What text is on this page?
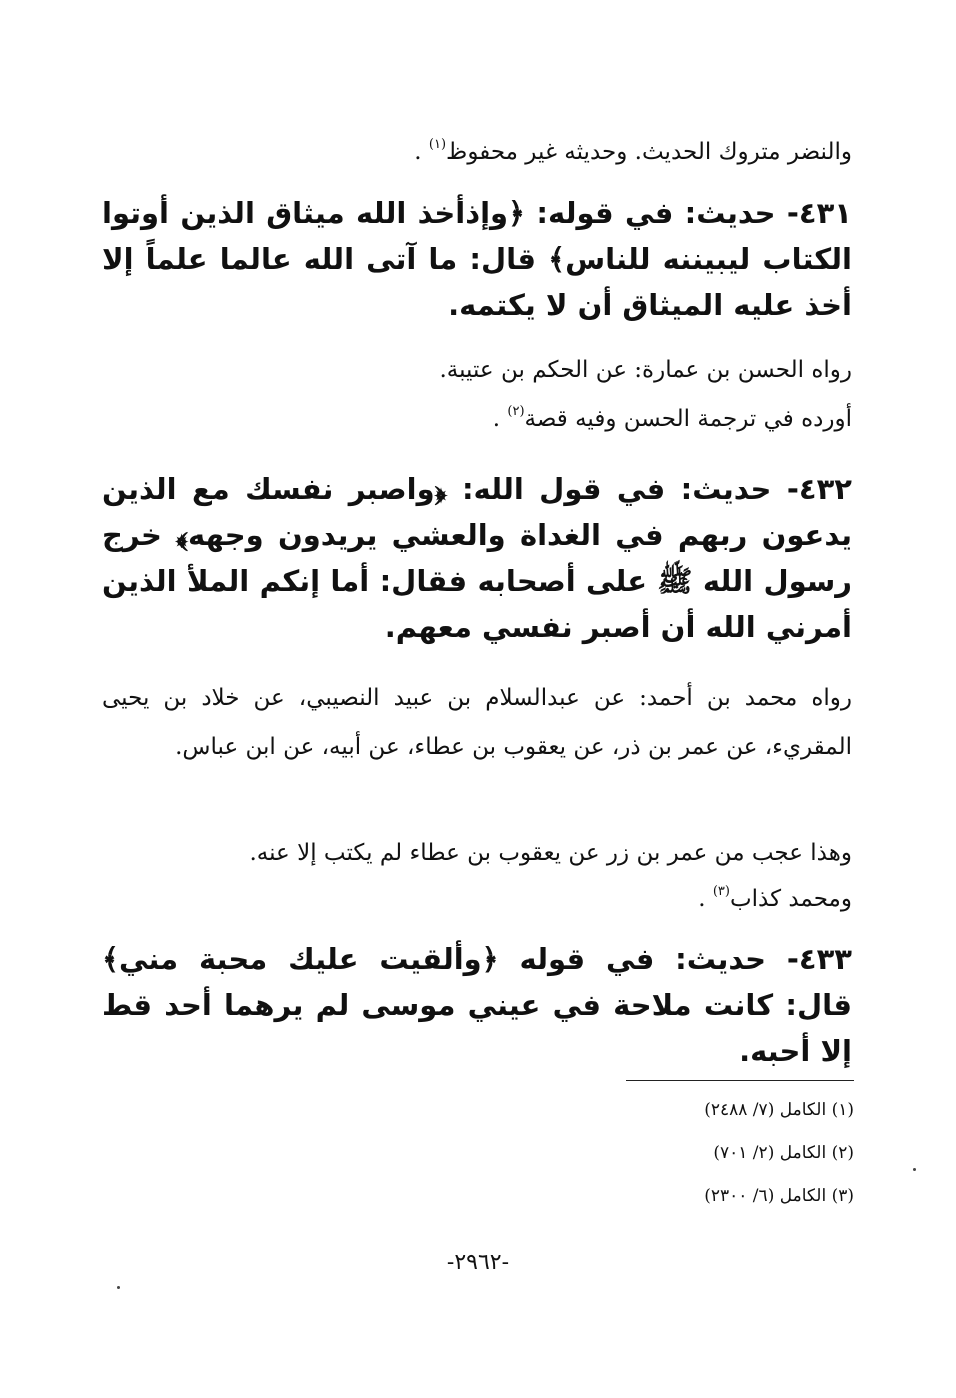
والنضر متروك الحديث. وحديثه غير محفوظ$^{(١)}$ .
٤٣١- حديث: في قوله: ﴿وإذأخذ الله ميثاق الذين أوتوا الكتاب ليبيننه للناس﴾ قال: ما آتى الله عالما علماً إلا أخذ عليه الميثاق أن لا يكتمه.
رواه الحسن بن عمارة: عن الحكم بن عتيبة.
أورده في ترجمة الحسن وفيه قصة$^{(٢)}$ .
٤٣٢- حديث: في قول الله: ﴿واصبر نفسك مع الذين يدعون ربهم في الغداة والعشي يريدون وجهه﴾ خرج رسول الله ﷺ على أصحابه فقال: أما إنكم الملأ الذين أمرني الله أن أصبر نفسي معهم.
رواه محمد بن أحمد: عن عبدالسلام بن عبيد النصيبي، عن خلاد بن يحيى المقريء، عن عمر بن ذر، عن يعقوب بن عطاء، عن أبيه، عن ابن عباس.
وهذا عجب من عمر بن زر عن يعقوب بن عطاء لم يكتب إلا عنه.
ومحمد كذاب$^{(٣)}$ .
٤٣٣- حديث: في قوله ﴿وألقيت عليك محبة مني﴾ قال: كانت ملاحة في عيني موسى لم يرهما أحد قط إلا أحبه.
(١) الكامل (٧/ ٢٤٨٨)
(٢) الكامل (٢/ ٧٠١)
(٣) الكامل (٦/ ٢٣٠٠)
-٢٩٦٢-
